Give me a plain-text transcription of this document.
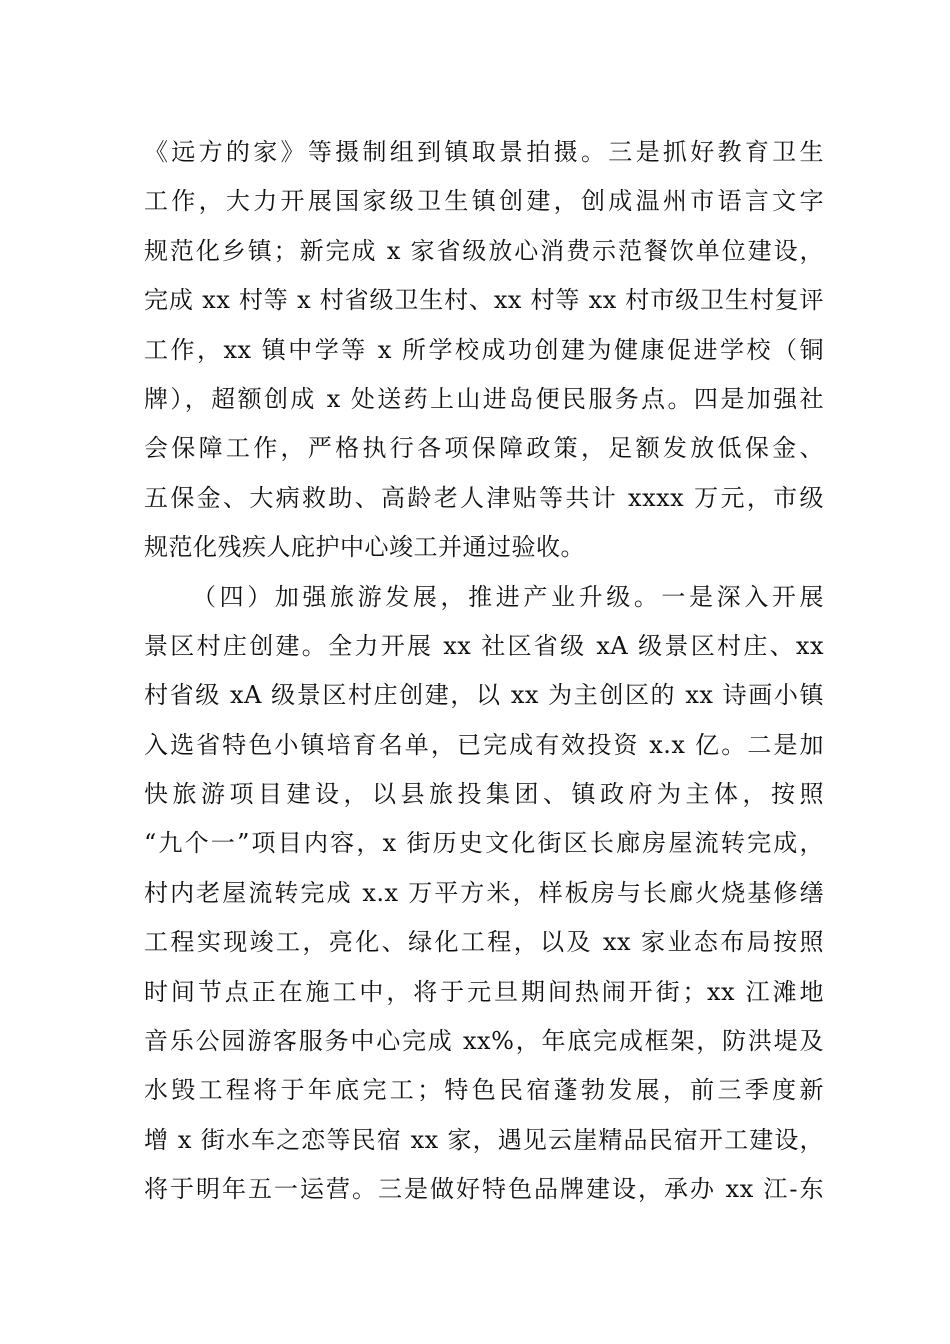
《远方的家》等摄制组到镇取景拍摄。三是抓好教育卫生
工作，大力开展国家级卫生镇创建，创成温州市语言文字
规范化乡镇；新完成 x 家省级放心消费示范餐饮单位建设，
完成 xx 村等 x 村省级卫生村、xx 村等 xx 村市级卫生村复评
工作，xx 镇中学等 x 所学校成功创建为健康促进学校（铜
牌），超额创成 x 处送药上山进岛便民服务点。四是加强社
会保障工作，严格执行各项保障政策，足额发放低保金、
五保金、大病救助、高龄老人津贴等共计 xxxx 万元，市级
规范化残疾人庇护中心竣工并通过验收。
（四）加强旅游发展，推进产业升级。一是深入开展
景区村庄创建。全力开展 xx 社区省级 xA 级景区村庄、xx
村省级 xA 级景区村庄创建，以 xx 为主创区的 xx 诗画小镇
入选省特色小镇培育名单，已完成有效投资 x.x 亿。二是加
快旅游项目建设，以县旅投集团、镇政府为主体，按照
“九个一”项目内容，x 街历史文化街区长廊房屋流转完成，
村内老屋流转完成 x.x 万平方米，样板房与长廊火烧基修缮
工程实现竣工，亮化、绿化工程，以及 xx 家业态布局按照
时间节点正在施工中，将于元旦期间热闹开街；xx 江滩地
音乐公园游客服务中心完成 xx%，年底完成框架，防洪堤及
水毁工程将于年底完工；特色民宿蓬勃发展，前三季度新
增 x 街水车之恋等民宿 xx 家，遇见云崖精品民宿开工建设，
将于明年五一运营。三是做好特色品牌建设，承办 xx 江-东
